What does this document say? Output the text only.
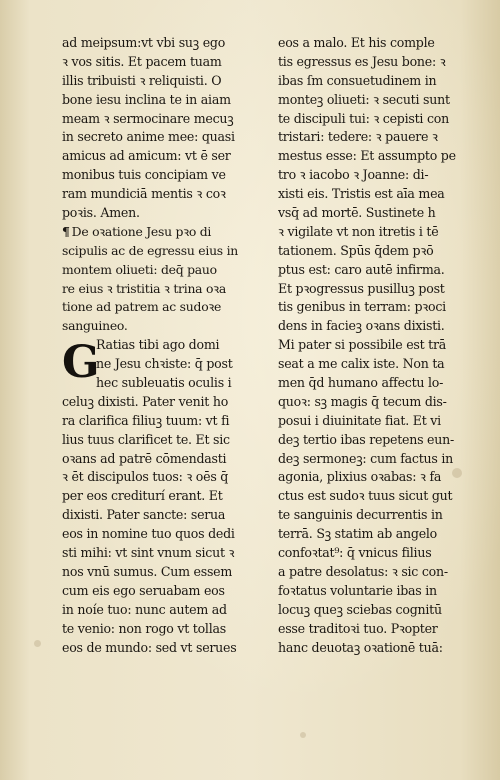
ad meipsum:vt vbi suꝫ ego
ꝛ vos sitis. Et pacem tuam
illis tribuisti ꝛ reliquisti. O
bone iesu inclina te in aiam
meam ꝛ sermocinare mecuꝫ
in secreto anime mee: quasi
amicus ad amicum: vt ē ser
monibus tuis concipiam ve
ram mundiciā mentis ꝛ coꝛ
poꝛis. Amen.
¶ De oꝛatione Jesu pꝛo di
scipulis ac de egressu eius in
montem oliueti: deq̄ pauo
re eius ꝛ tristitia ꝛ trina oꝛa
tione ad patrem ac sudoꝛe
sanguineo.
G
Ratias tibi ago domi
ne Jesu chꝛiste: q̄ post
hec subleuatis oculis i
celuꝫ dixisti. Pater venit ho
ra clarifica filiuꝫ tuum: vt fi
lius tuus clarificet te. Et sic
oꝛans ad patrē cōmendasti
ꝛ ēt discipulos tuos: ꝛ oēs q̄
per eos crediturí erant. Et
dixisti. Pater sancte: serua
eos in nomine tuo quos dedi
sti mihi: vt sint vnum sicut ꝛ
nos vnū sumus. Cum essem
cum eis ego seruabam eos
in noíe tuo: nunc autem ad
te venio: non rogo vt tollas
eos de mundo: sed vt serues
eos a malo. Et his comple
tis egressus es Jesu bone: ꝛ
ibas ſm consuetudinem in
monteꝫ oliueti: ꝛ secuti sunt
te discipuli tui: ꝛ cepisti con
tristari: tedere: ꝛ pauere ꝛ
mestus esse: Et assumpto pe
tro ꝛ iacobo ꝛ Joanne: di-
xisti eis. Tristis est aīa mea
vsq̄ ad mortē. Sustinete h
ꝛ vigilate vt non itretis i tē
tationem. Spūs q̄dem pꝛō
ptus est: caro autē infirma.
Et pꝛogressus pusilluꝫ post
tis genibus in terram: pꝛoci
dens in facieꝫ oꝛans dixisti.
Mi pater si possibile est trā
seat a me calix iste. Non ta
men q̄d humano affectu lo-
quoꝛ: sꝫ magis q̄ tecum dis-
posui i diuinitate fiat. Et vi
deꝫ tertio ibas repetens eun-
deꝫ sermoneꝫ: cum factus in
agonia, plixius oꝛabas: ꝛ fa
ctus est sudoꝛ tuus sicut gut
te sanguinis decurrentis in
terrā. Sꝫ statim ab angelo
confoꝛtat⁹: q̄ vnicus filius
a patre desolatus: ꝛ sic con-
foꝛtatus voluntarie ibas in
locuꝫ queꝫ sciebas cognitū
esse traditoꝛi tuo. Pꝛopter
hanc deuotaꝫ oꝛationē tuā:
